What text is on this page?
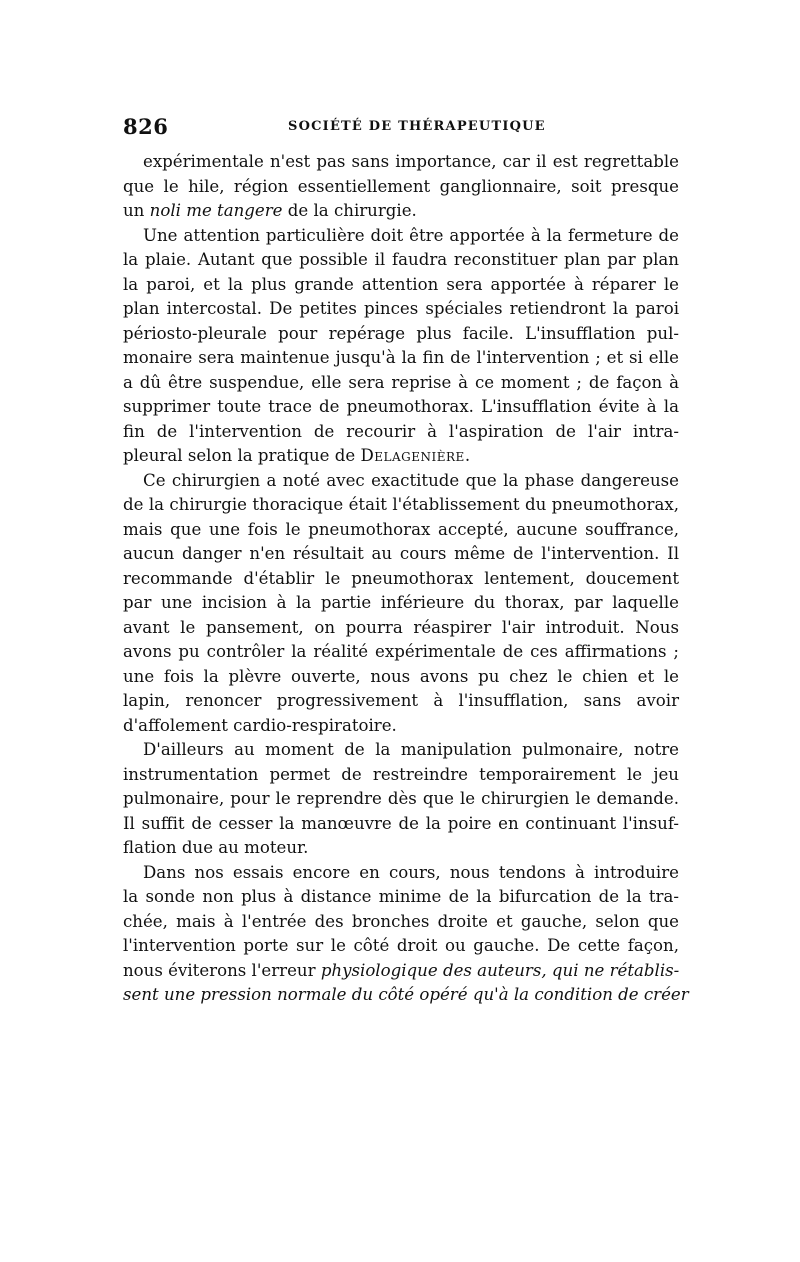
826	SOCIÉTÉ DE THÉRAPEUTIQUE
expérimentale n'est pas sans importance, car il est regrettable
que le hile, région essentiellement ganglionnaire, soit presque
un noli me tangere de la chirurgie.
Une attention particulière doit être apportée à la fermeture de
la plaie. Autant que possible il faudra reconstituer plan par plan
la paroi, et la plus grande attention sera apportée à réparer le
plan intercostal. De petites pinces spéciales retiendront la paroi
périosto-pleurale pour repérage plus facile. L'insufflation pul-
monaire sera maintenue jusqu'à la fin de l'intervention ; et si elle
a dû être suspendue, elle sera reprise à ce moment ; de façon à
supprimer toute trace de pneumothorax. L'insufflation évite à la
fin de l'intervention de recourir à l'aspiration de l'air intra-
pleural selon la pratique de Delagenière.
Ce chirurgien a noté avec exactitude que la phase dangereuse
de la chirurgie thoracique était l'établissement du pneumothorax,
mais que une fois le pneumothorax accepté, aucune souffrance,
aucun danger n'en résultait au cours même de l'intervention. Il
recommande d'établir le pneumothorax lentement, doucement
par une incision à la partie inférieure du thorax, par laquelle
avant le pansement, on pourra réaspirer l'air introduit. Nous
avons pu contrôler la réalité expérimentale de ces affirmations ;
une fois la plèvre ouverte, nous avons pu chez le chien et le
lapin, renoncer progressivement à l'insufflation, sans avoir
d'affolement cardio-respiratoire.
D'ailleurs au moment de la manipulation pulmonaire, notre
instrumentation permet de restreindre temporairement le jeu
pulmonaire, pour le reprendre dès que le chirurgien le demande.
Il suffit de cesser la manœuvre de la poire en continuant l'insuf-
flation due au moteur.
Dans nos essais encore en cours, nous tendons à introduire
la sonde non plus à distance minime de la bifurcation de la tra-
chée, mais à l'entrée des bronches droite et gauche, selon que
l'intervention porte sur le côté droit ou gauche. De cette façon,
nous éviterons l'erreur physiologique des auteurs, qui ne rétablis-
sent une pression normale du côté opéré qu'à la condition de créer
